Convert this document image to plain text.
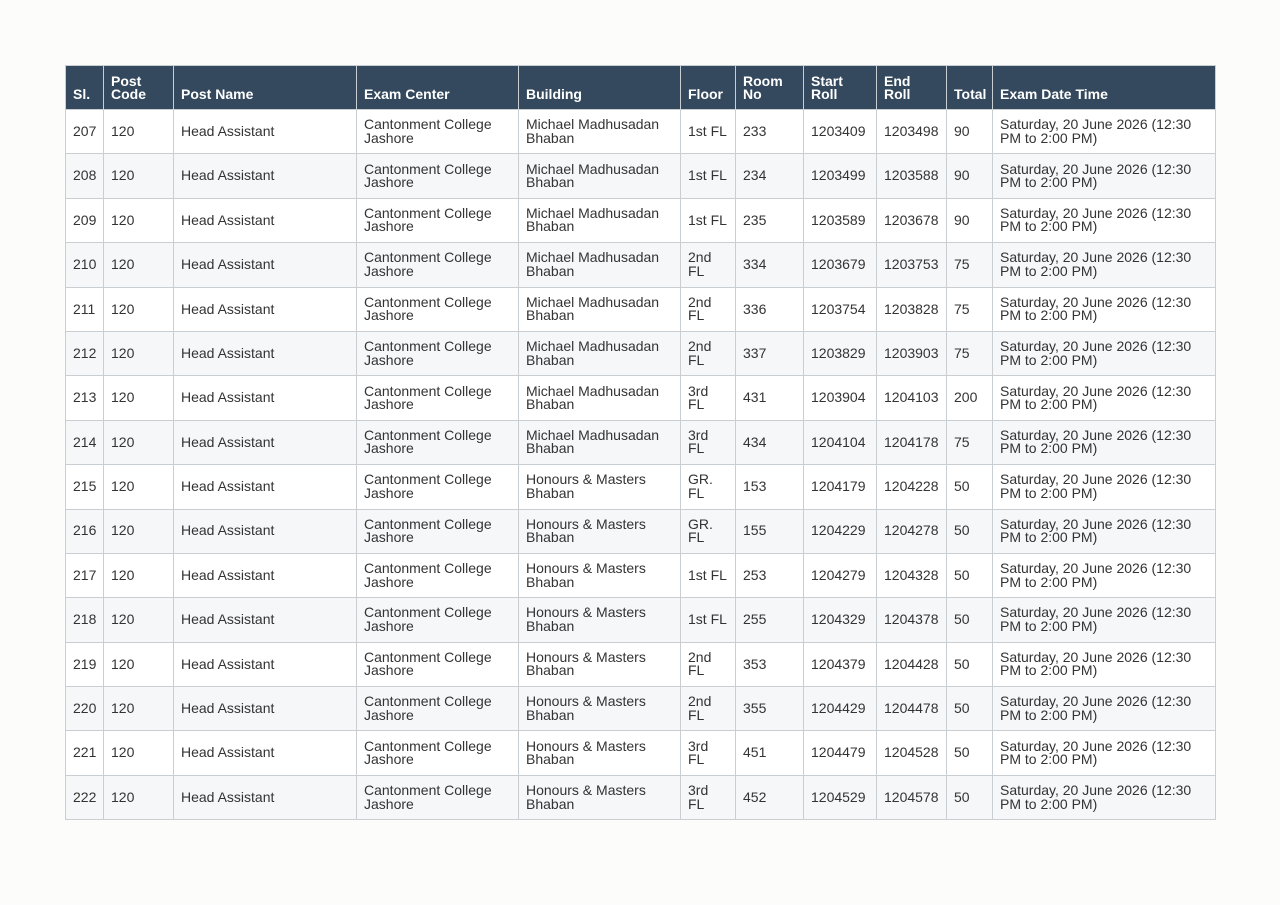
Sl.	Post Code	Post Name	Exam Center	Building	Floor	Room No	Start Roll	End Roll	Total	Exam Date Time
207	120	Head Assistant	Cantonment College Jashore	Michael Madhusadan Bhaban	1st FL	233	1203409	1203498	90	Saturday, 20 June 2026 (12:30 PM to 2:00 PM)
208	120	Head Assistant	Cantonment College Jashore	Michael Madhusadan Bhaban	1st FL	234	1203499	1203588	90	Saturday, 20 June 2026 (12:30 PM to 2:00 PM)
209	120	Head Assistant	Cantonment College Jashore	Michael Madhusadan Bhaban	1st FL	235	1203589	1203678	90	Saturday, 20 June 2026 (12:30 PM to 2:00 PM)
210	120	Head Assistant	Cantonment College Jashore	Michael Madhusadan Bhaban	2nd FL	334	1203679	1203753	75	Saturday, 20 June 2026 (12:30 PM to 2:00 PM)
211	120	Head Assistant	Cantonment College Jashore	Michael Madhusadan Bhaban	2nd FL	336	1203754	1203828	75	Saturday, 20 June 2026 (12:30 PM to 2:00 PM)
212	120	Head Assistant	Cantonment College Jashore	Michael Madhusadan Bhaban	2nd FL	337	1203829	1203903	75	Saturday, 20 June 2026 (12:30 PM to 2:00 PM)
213	120	Head Assistant	Cantonment College Jashore	Michael Madhusadan Bhaban	3rd FL	431	1203904	1204103	200	Saturday, 20 June 2026 (12:30 PM to 2:00 PM)
214	120	Head Assistant	Cantonment College Jashore	Michael Madhusadan Bhaban	3rd FL	434	1204104	1204178	75	Saturday, 20 June 2026 (12:30 PM to 2:00 PM)
215	120	Head Assistant	Cantonment College Jashore	Honours & Masters Bhaban	GR. FL	153	1204179	1204228	50	Saturday, 20 June 2026 (12:30 PM to 2:00 PM)
216	120	Head Assistant	Cantonment College Jashore	Honours & Masters Bhaban	GR. FL	155	1204229	1204278	50	Saturday, 20 June 2026 (12:30 PM to 2:00 PM)
217	120	Head Assistant	Cantonment College Jashore	Honours & Masters Bhaban	1st FL	253	1204279	1204328	50	Saturday, 20 June 2026 (12:30 PM to 2:00 PM)
218	120	Head Assistant	Cantonment College Jashore	Honours & Masters Bhaban	1st FL	255	1204329	1204378	50	Saturday, 20 June 2026 (12:30 PM to 2:00 PM)
219	120	Head Assistant	Cantonment College Jashore	Honours & Masters Bhaban	2nd FL	353	1204379	1204428	50	Saturday, 20 June 2026 (12:30 PM to 2:00 PM)
220	120	Head Assistant	Cantonment College Jashore	Honours & Masters Bhaban	2nd FL	355	1204429	1204478	50	Saturday, 20 June 2026 (12:30 PM to 2:00 PM)
221	120	Head Assistant	Cantonment College Jashore	Honours & Masters Bhaban	3rd FL	451	1204479	1204528	50	Saturday, 20 June 2026 (12:30 PM to 2:00 PM)
222	120	Head Assistant	Cantonment College Jashore	Honours & Masters Bhaban	3rd FL	452	1204529	1204578	50	Saturday, 20 June 2026 (12:30 PM to 2:00 PM)
